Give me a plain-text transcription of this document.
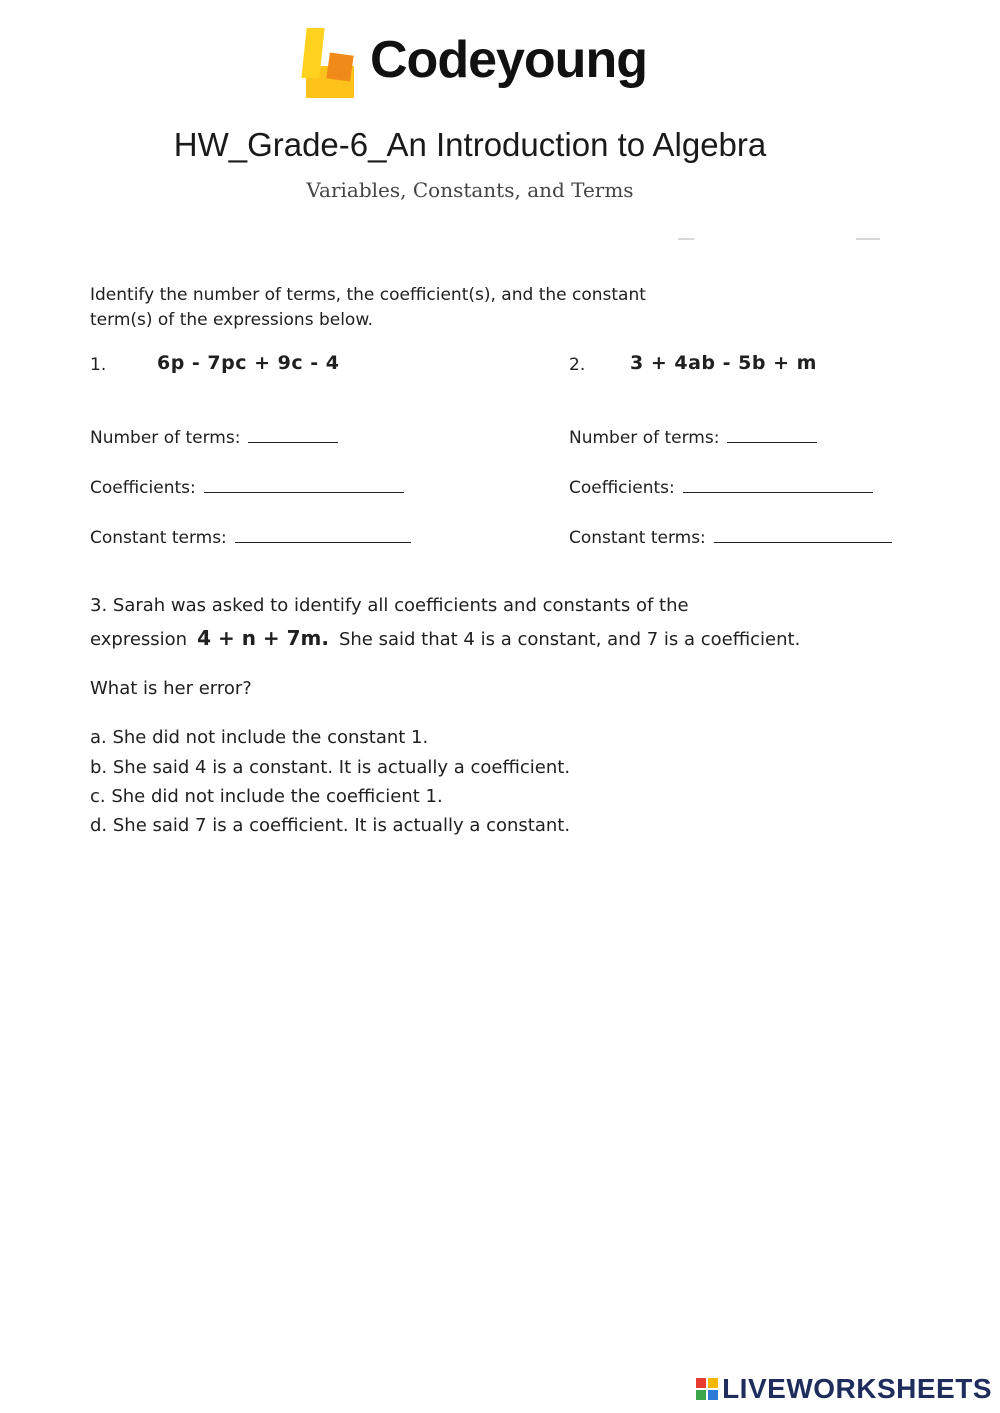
Codeyoung
HW_Grade-6_An Introduction to Algebra
Variables, Constants, and Terms
Identify the number of terms, the coefficient(s), and the constant
term(s) of the expressions below.
1.	6p - 7pc + 9c - 4
Number of terms:
Coefficients:
Constant terms:
2. 3 + 4ab - 5b + m
Number of terms:
Coefficients:
Constant terms:
3. Sarah was asked to identify all coefficients and constants of the
expression 4 + n + 7m. She said that 4 is a constant, and 7 is a coefficient.
What is her error?
a. She did not include the constant 1.
b. She said 4 is a constant. It is actually a coefficient.
c. She did not include the coefficient 1.
d. She said 7 is a coefficient. It is actually a constant.
LIVEWORKSHEETS
